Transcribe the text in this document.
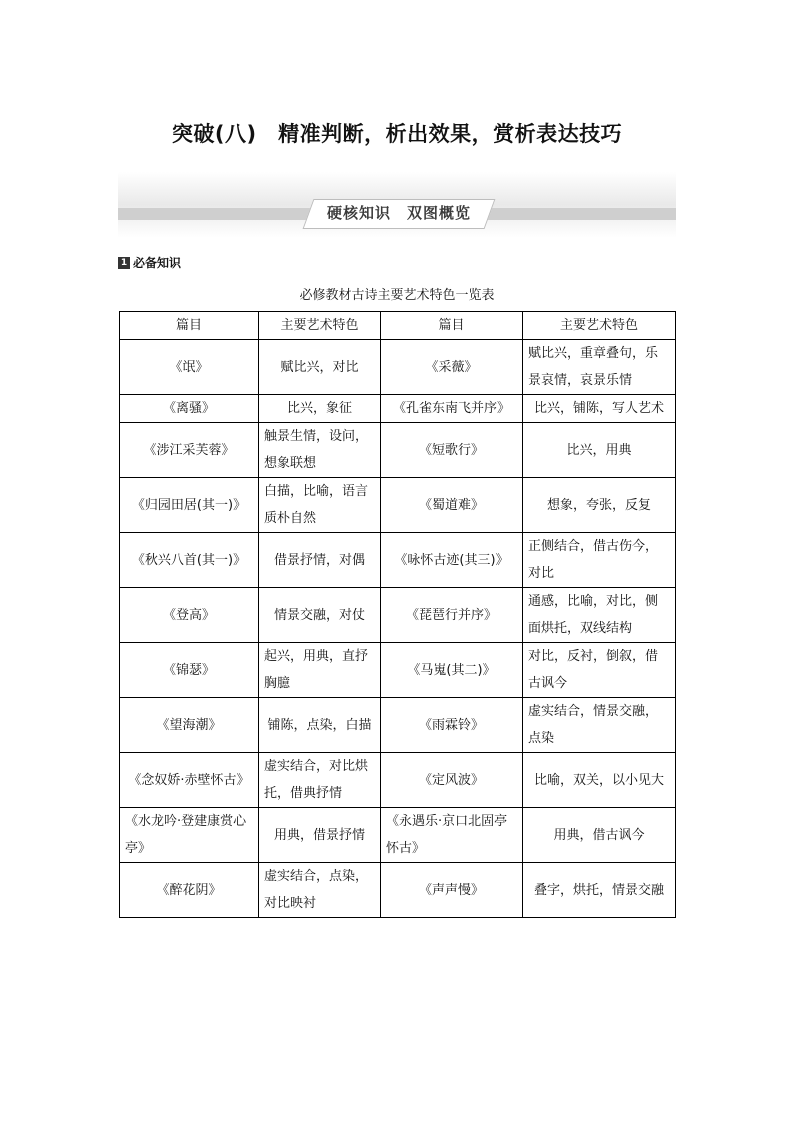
突破(八)　精准判断，析出效果，赏析表达技巧
硬核知识　双图概览
1 必备知识
必修教材古诗主要艺术特色一览表
篇目	主要艺术特色	篇目	主要艺术特色
《氓》	赋比兴，对比	《采薇》	赋比兴，重章叠句，乐景哀情，哀景乐情
《离骚》	比兴，象征	《孔雀东南飞并序》	比兴，铺陈，写人艺术
《涉江采芙蓉》	触景生情，设问，想象联想	《短歌行》	比兴，用典
《归园田居(其一)》	白描，比喻，语言质朴自然	《蜀道难》	想象，夸张，反复
《秋兴八首(其一)》	借景抒情，对偶	《咏怀古迹(其三)》	正侧结合，借古伤今，对比
《登高》	情景交融，对仗	《琵琶行并序》	通感，比喻，对比，侧面烘托，双线结构
《锦瑟》	起兴，用典，直抒胸臆	《马嵬(其二)》	对比，反衬，倒叙，借古讽今
《望海潮》	铺陈，点染，白描	《雨霖铃》	虚实结合，情景交融，点染
《念奴娇·赤壁怀古》	虚实结合，对比烘托，借典抒情	《定风波》	比喻，双关，以小见大
《水龙吟·登建康赏心亭》	用典，借景抒情	《永遇乐·京口北固亭怀古》	用典，借古讽今
《醉花阴》	虚实结合，点染，对比映衬	《声声慢》	叠字，烘托，情景交融
